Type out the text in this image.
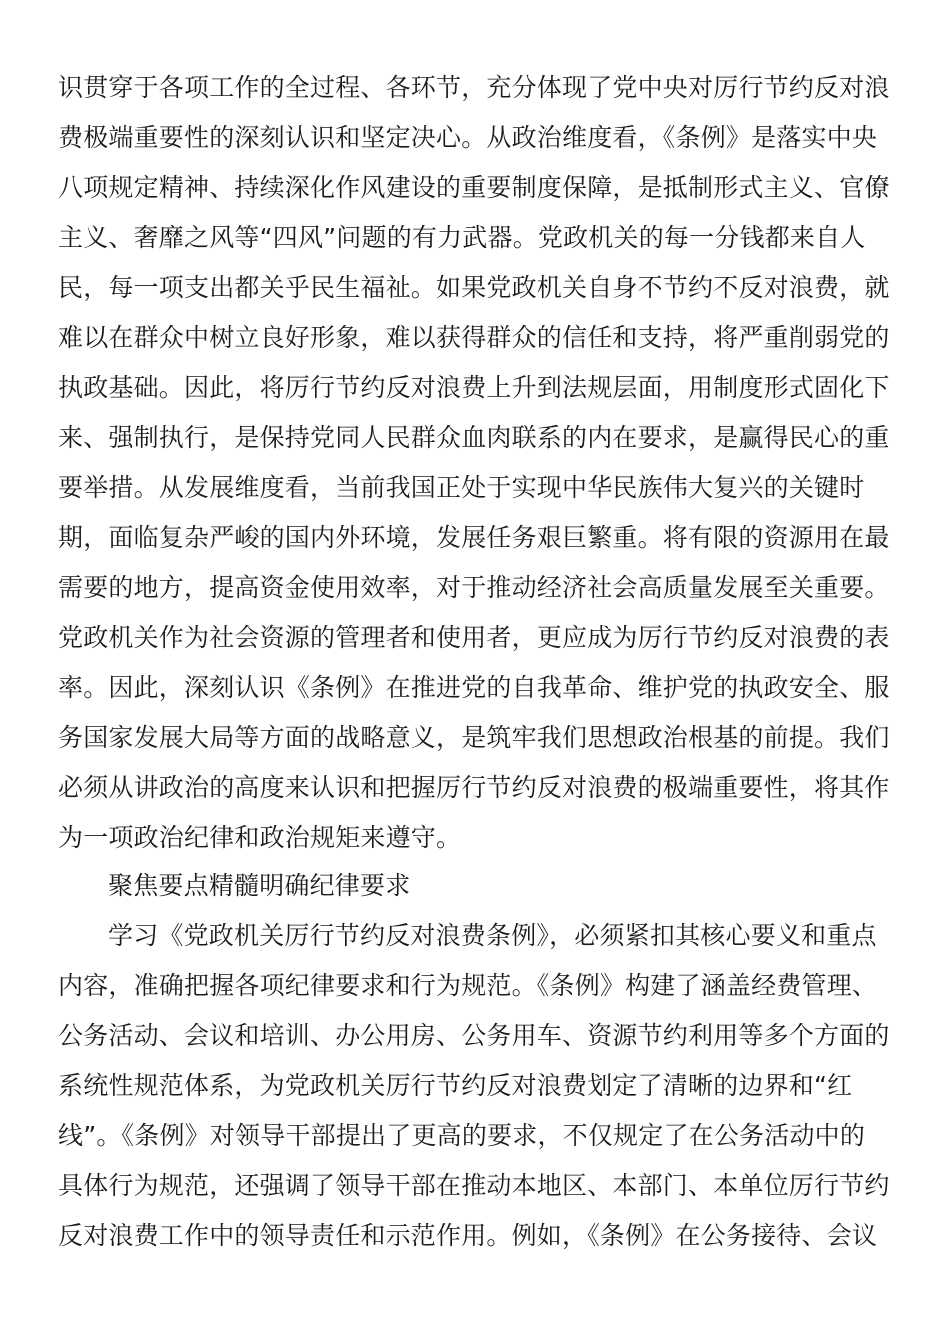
识贯穿于各项工作的全过程、各环节，充分体现了党中央对厉行节约反对浪
费极端重要性的深刻认识和坚定决心。从政治维度看，《条例》是落实中央
八项规定精神、持续深化作风建设的重要制度保障，是抵制形式主义、官僚
主义、奢靡之风等“四风”问题的有力武器。党政机关的每一分钱都来自人
民，每一项支出都关乎民生福祉。如果党政机关自身不节约不反对浪费，就
难以在群众中树立良好形象，难以获得群众的信任和支持，将严重削弱党的
执政基础。因此，将厉行节约反对浪费上升到法规层面，用制度形式固化下
来、强制执行，是保持党同人民群众血肉联系的内在要求，是赢得民心的重
要举措。从发展维度看，当前我国正处于实现中华民族伟大复兴的关键时
期，面临复杂严峻的国内外环境，发展任务艰巨繁重。将有限的资源用在最
需要的地方，提高资金使用效率，对于推动经济社会高质量发展至关重要。
党政机关作为社会资源的管理者和使用者，更应成为厉行节约反对浪费的表
率。因此，深刻认识《条例》在推进党的自我革命、维护党的执政安全、服
务国家发展大局等方面的战略意义，是筑牢我们思想政治根基的前提。我们
必须从讲政治的高度来认识和把握厉行节约反对浪费的极端重要性，将其作
为一项政治纪律和政治规矩来遵守。
聚焦要点精髓明确纪律要求
学习《党政机关厉行节约反对浪费条例》，必须紧扣其核心要义和重点
内容，准确把握各项纪律要求和行为规范。《条例》构建了涵盖经费管理、
公务活动、会议和培训、办公用房、公务用车、资源节约利用等多个方面的
系统性规范体系，为党政机关厉行节约反对浪费划定了清晰的边界和“红
线”。《条例》对领导干部提出了更高的要求，不仅规定了在公务活动中的
具体行为规范，还强调了领导干部在推动本地区、本部门、本单位厉行节约
反对浪费工作中的领导责任和示范作用。例如，《条例》在公务接待、会议
